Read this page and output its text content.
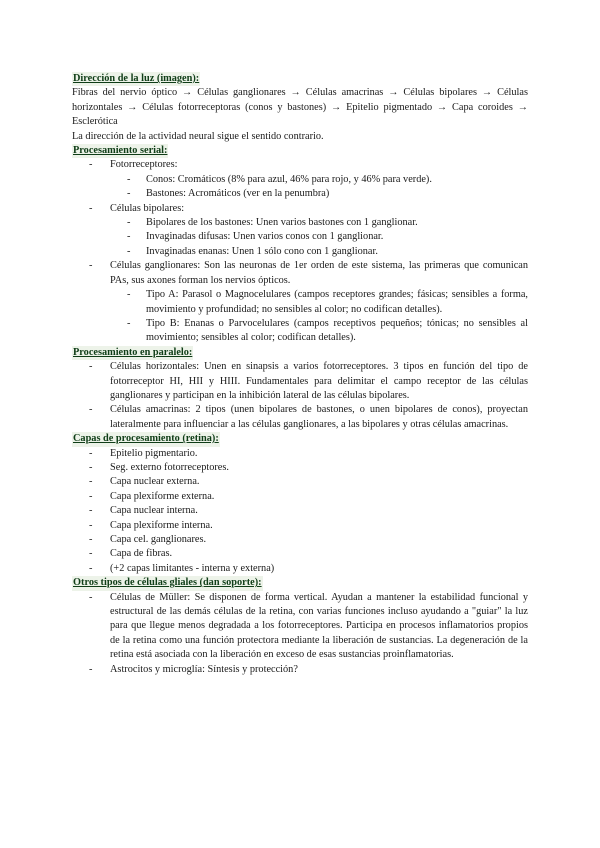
Dirección de la luz (imagen):
Fibras del nervio óptico → Células ganglionares → Células amacrinas → Células bipolares → Células horizontales → Células fotorreceptoras (conos y bastones) → Epitelio pigmentado → Capa coroides → Esclerótica
La dirección de la actividad neural sigue el sentido contrario.
Procesamiento serial:
- Fotorreceptores:
- Conos: Cromáticos (8% para azul, 46% para rojo, y 46% para verde).
- Bastones: Acromáticos (ver en la penumbra)
- Células bipolares:
- Bipolares de los bastones: Unen varios bastones con 1 ganglionar.
- Invaginadas difusas: Unen varios conos con 1 ganglionar.
- Invaginadas enanas: Unen 1 sólo cono con 1 ganglionar.
- Células ganglionares: Son las neuronas de 1er orden de este sistema, las primeras que comunican PAs, sus axones forman los nervios ópticos.
- Tipo A: Parasol o Magnocelulares (campos receptores grandes; fásicas; sensibles a forma, movimiento y profundidad; no sensibles al color; no codifican detalles).
- Tipo B: Enanas o Parvocelulares (campos receptivos pequeños; tónicas; no sensibles al movimiento; sensibles al color; codifican detalles).
Procesamiento en paralelo:
- Células horizontales: Unen en sinapsis a varios fotorreceptores. 3 tipos en función del tipo de fotorreceptor HI, HII y HIII. Fundamentales para delimitar el campo receptor de las células ganglionares y participan en la inhibición lateral de las células bipolares.
- Células amacrinas: 2 tipos (unen bipolares de bastones, o unen bipolares de conos), proyectan lateralmente para influenciar a las células ganglionares, a las bipolares y otras células amacrinas.
Capas de procesamiento (retina):
- Epitelio pigmentario.
- Seg. externo fotorreceptores.
- Capa nuclear externa.
- Capa plexiforme externa.
- Capa nuclear interna.
- Capa plexiforme interna.
- Capa cel. ganglionares.
- Capa de fibras.
- (+2 capas limitantes - interna y externa)
Otros tipos de células gliales (dan soporte):
- Células de Müller: Se disponen de forma vertical. Ayudan a mantener la estabilidad funcional y estructural de las demás células de la retina, con varias funciones incluso ayudando a "guiar" la luz para que llegue menos degradada a los fotorreceptores. Participa en procesos inflamatorios propios de la retina como una función protectora mediante la liberación de sustancias. La degeneración de la retina está asociada con la liberación en exceso de esas sustancias proinflamatorias.
- Astrocitos y microglía: Síntesis y protección?
